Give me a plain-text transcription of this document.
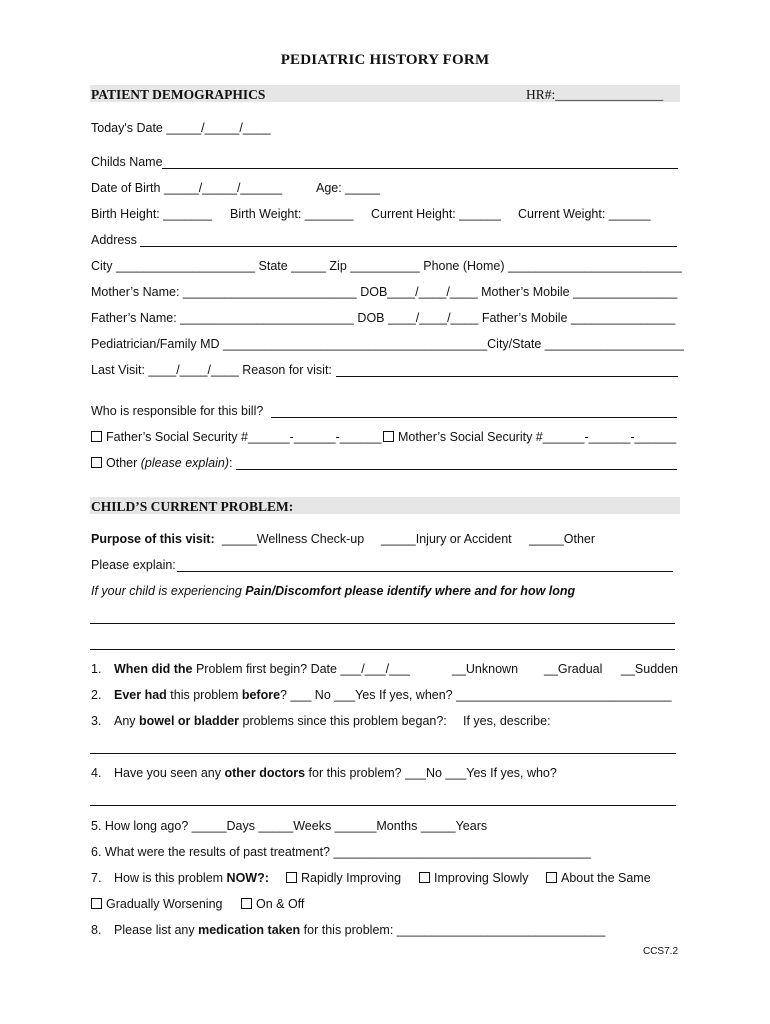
PEDIATRIC HISTORY FORM
PATIENT DEMOGRAPHICS	HR#:________________
Today's Date _____/_____/____
Childs Name
Date of Birth _____/_____/______	Age: _____
Birth Height: _______ Birth Weight: _______ Current Height: ______ Current Weight: ______
Address
City ____________________ State _____ Zip __________ Phone (Home) _________________________
Mother’s Name: _________________________ DOB____/____/____ Mother’s Mobile _______________
Father’s Name: _________________________ DOB ____/____/____ Father’s Mobile _______________
Pediatrician/Family MD ______________________________________City/State ____________________
Last Visit: ____/____/____ Reason for visit:
Who is responsible for this bill?
Father’s Social Security #______-______-______	Mother’s Social Security #______-______-______
Other (please explain):
CHILD’S CURRENT PROBLEM:
Purpose of this visit: _____Wellness Check-up _____Injury or Accident _____Other
Please explain:
If your child is experiencing Pain/Discomfort please identify where and for how long
1. When did the Problem first begin? Date ___/___/___	__Unknown __Gradual __Sudden
2. Ever had this problem before? ___ No ___Yes If yes, when? _______________________________
3. Any bowel or bladder problems since this problem began?: If yes, describe:
4. Have you seen any other doctors for this problem? ___No ___Yes If yes, who?
5. How long ago? _____Days _____Weeks ______Months _____Years
6. What were the results of past treatment? _____________________________________
7. How is this problem NOW?:	Rapidly Improving	Improving Slowly	About the Same
Gradually Worsening	On & Off
8. Please list any medication taken for this problem: ______________________________
CCS7.2
